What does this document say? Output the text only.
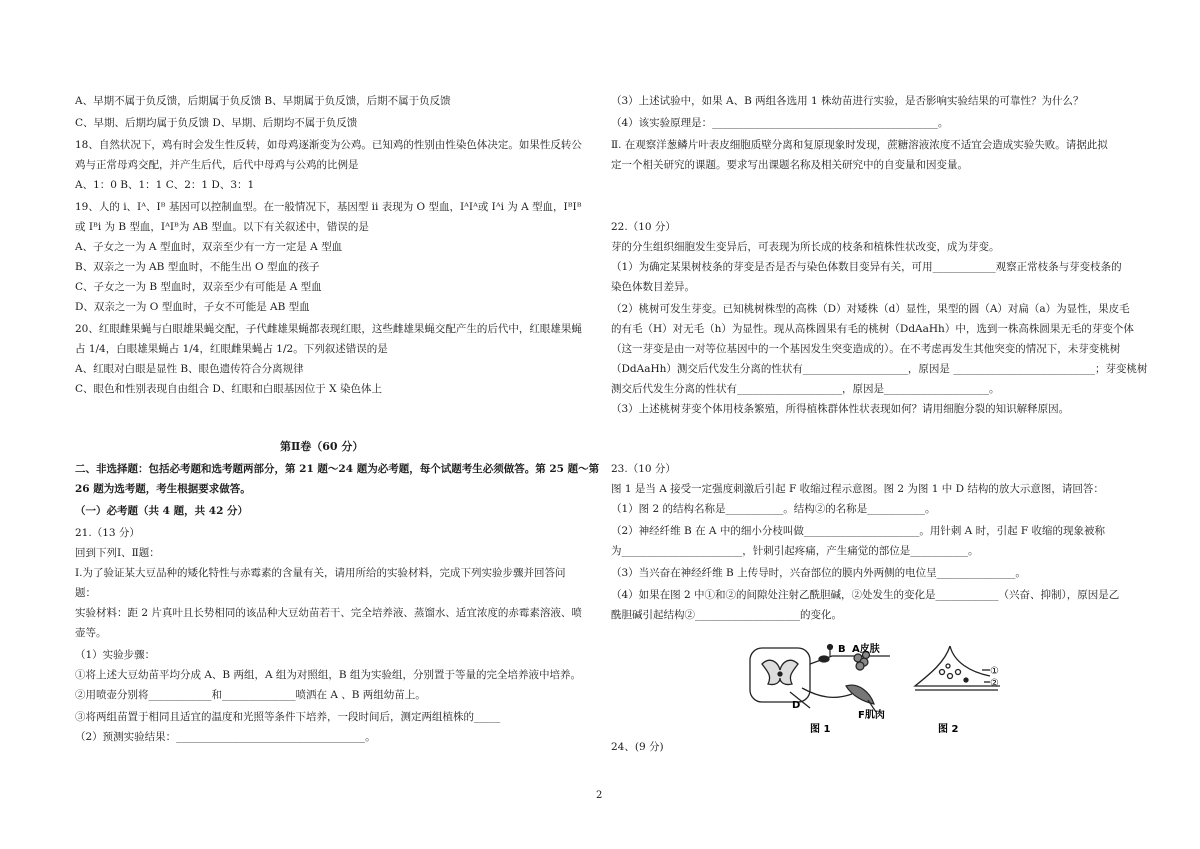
A、早期不属于负反馈，后期属于负反馈 B、早期属于负反馈，后期不属于负反馈
C、早期、后期均属于负反馈 D、早期、后期均不属于负反馈
18、自然状况下，鸡有时会发生性反转，如母鸡逐渐变为公鸡。已知鸡的性别由性染色体决定。如果性反转公
鸡与正常母鸡交配，并产生后代，后代中母鸡与公鸡的比例是
A、1：0 B、1：1 C、2：1 D、3：1
19、人的 i、Iᴬ、Iᴮ 基因可以控制血型。在一般情况下，基因型 ii 表现为 O 型血，IᴬIᴬ或 Iᴬi 为 A 型血，IᴮIᴮ
或 Iᴮi 为 B 型血，IᴬIᴮ为 AB 型血。以下有关叙述中，错误的是
A、子女之一为 A 型血时，双亲至少有一方一定是 A 型血
B、双亲之一为 AB 型血时，不能生出 O 型血的孩子
C、子女之一为 B 型血时，双亲至少有可能是 A 型血
D、双亲之一为 O 型血时，子女不可能是 AB 型血
20、红眼雌果蝇与白眼雄果蝇交配，子代雌雄果蝇都表现红眼，这些雌雄果蝇交配产生的后代中，红眼雄果蝇
占 1/4，白眼雄果蝇占 1/4，红眼雌果蝇占 1/2。下列叙述错误的是
A、红眼对白眼是显性 B、眼色遗传符合分离规律
C、眼色和性别表现自由组合 D、红眼和白眼基因位于 X 染色体上
第Ⅱ卷（60 分）
二、非选择题：包括必考题和选考题两部分，第 21 题～24 题为必考题，每个试题考生必须做答。第 25 题～第
26 题为选考题，考生根据要求做答。
（一）必考题（共 4 题，共 42 分）
21.（13 分）
回到下列Ⅰ、Ⅱ题：
Ⅰ.为了验证某大豆品种的矮化特性与赤霉素的含量有关，请用所给的实验材料，完成下列实验步骤并回答问
题：
实验材料：距 2 片真叶且长势相同的该品种大豆幼苗若干、完全培养液、蒸馏水、适宜浓度的赤霉素溶液、喷
壶等。
（1）实验步骤：
①将上述大豆幼苗平均分成 A、B 两组，A 组为对照组，B 组为实验组，分别置于等量的完全培养液中培养。
②用喷壶分别将____________和______________喷洒在 A 、B 两组幼苗上。
③将两组苗置于相同且适宜的温度和光照等条件下培养，一段时间后，测定两组植株的_____
（2）预测实验结果：____________________________________。
（3）上述试验中，如果 A、B 两组各选用 1 株幼苗进行实验，是否影响实验结果的可靠性？为什么？
（4）该实验原理是：___________________________________________。
Ⅱ. 在观察洋葱鳞片叶表皮细胞质壁分离和复原现象时发现，蔗糖溶液浓度不适宜会造成实验失败。请据此拟
定一个相关研究的课题。要求写出课题名称及相关研究中的自变量和因变量。
22.（10 分）
芽的分生组织细胞发生变异后，可表现为所长成的枝条和植株性状改变，成为芽变。
（1）为确定某果树枝条的芽变是否是否与染色体数目变异有关，可用____________观察正常枝条与芽变枝条的
染色体数目差异。
（2）桃树可发生芽变。已知桃树株型的高株（D）对矮株（d）显性，果型的圆（A）对扁（a）为显性，果皮毛
的有毛（H）对无毛（h）为显性。现从高株圆果有毛的桃树（DdAaHh）中，选到一株高株圆果无毛的芽变个体
（这一芽变是由一对等位基因中的一个基因发生突变造成的）。在不考虑再发生其他突变的情况下，未芽变桃树
（DdAaHh）测交后代发生分离的性状有____________________，原因是 ___________________________；芽变桃树
测交后代发生分离的性状有____________________，原因是____________________。
（3）上述桃树芽变个体用枝条繁殖，所得植株群体性状表现如何？请用细胞分裂的知识解释原因。
23.（10 分）
图 1 是当 A 接受一定强度刺激后引起 F 收缩过程示意图。图 2 为图 1 中 D 结构的放大示意图，请回答：
（1）图 2 的结构名称是___________。结构②的名称是___________。
（2）神经纤维 B 在 A 中的细小分枝叫做______________________。用针刺 A 时，引起 F 收缩的现象被称
为_______________________，针刺引起疼痛，产生痛觉的部位是___________。
（3）当兴奋在神经纤维 B 上传导时，兴奋部位的膜内外两侧的电位呈_______________。
（4）如果在图 2 中①和②的间隙处注射乙酰胆碱，②处发生的变化是____________（兴奋、抑制），原因是乙
酰胆碱引起结构②____________________的变化。
24、(9 分)
B A皮肤
D
F肌肉
图 1
①
②
图 2
2
